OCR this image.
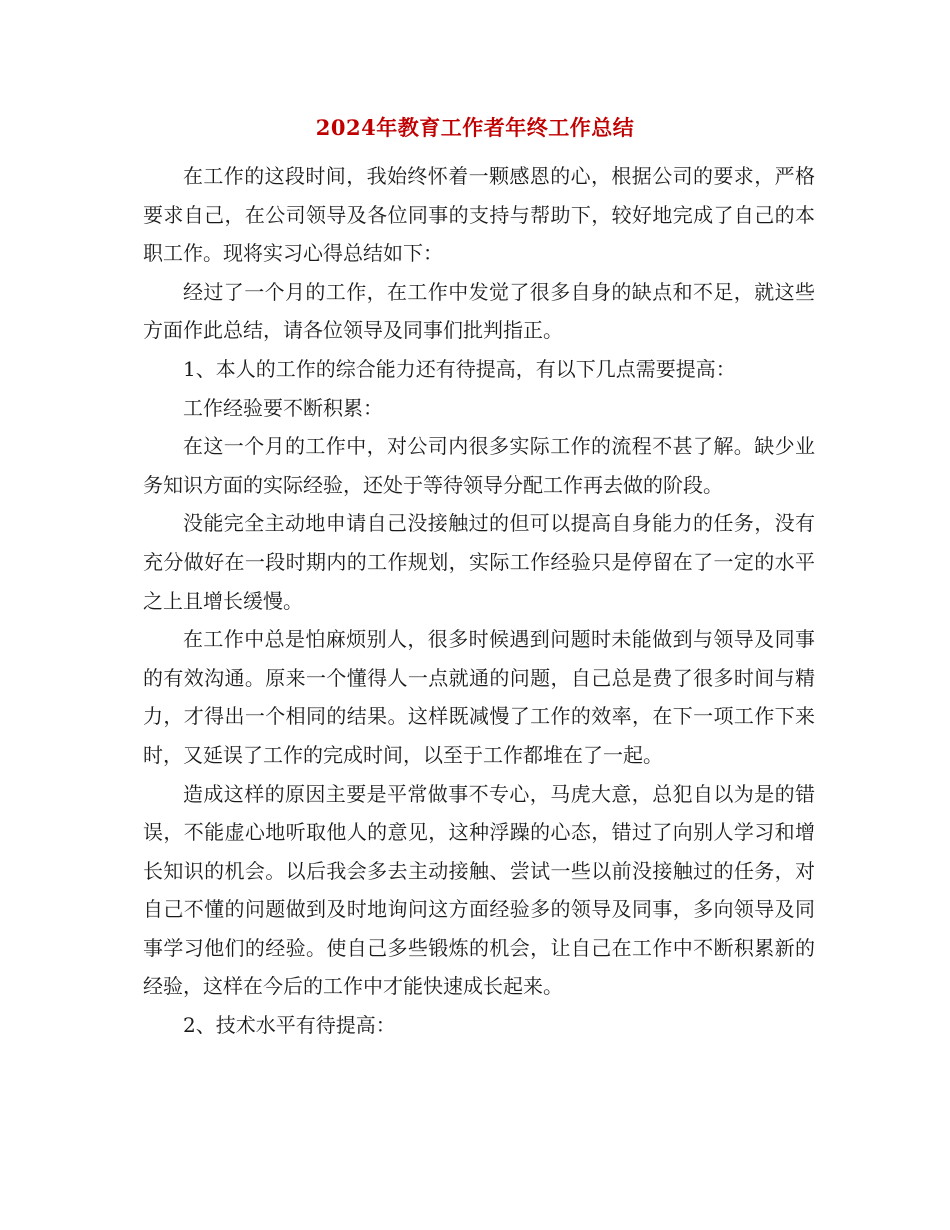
2024年教育工作者年终工作总结

在工作的这段时间，我始终怀着一颗感恩的心，根据公司的要求，严格要求自己，在公司领导及各位同事的支持与帮助下，较好地完成了自己的本职工作。现将实习心得总结如下：

经过了一个月的工作，在工作中发觉了很多自身的缺点和不足，就这些方面作此总结，请各位领导及同事们批判指正。

1、本人的工作的综合能力还有待提高，有以下几点需要提高：

工作经验要不断积累：

在这一个月的工作中，对公司内很多实际工作的流程不甚了解。缺少业务知识方面的实际经验，还处于等待领导分配工作再去做的阶段。

没能完全主动地申请自己没接触过的但可以提高自身能力的任务，没有充分做好在一段时期内的工作规划，实际工作经验只是停留在了一定的水平之上且增长缓慢。

在工作中总是怕麻烦别人，很多时候遇到问题时未能做到与领导及同事的有效沟通。原来一个懂得人一点就通的问题，自己总是费了很多时间与精力，才得出一个相同的结果。这样既减慢了工作的效率，在下一项工作下来时，又延误了工作的完成时间，以至于工作都堆在了一起。

造成这样的原因主要是平常做事不专心，马虎大意，总犯自以为是的错误，不能虚心地听取他人的意见，这种浮躁的心态，错过了向别人学习和增长知识的机会。以后我会多去主动接触、尝试一些以前没接触过的任务，对自己不懂的问题做到及时地询问这方面经验多的领导及同事，多向领导及同事学习他们的经验。使自己多些锻炼的机会，让自己在工作中不断积累新的经验，这样在今后的工作中才能快速成长起来。

2、技术水平有待提高：
